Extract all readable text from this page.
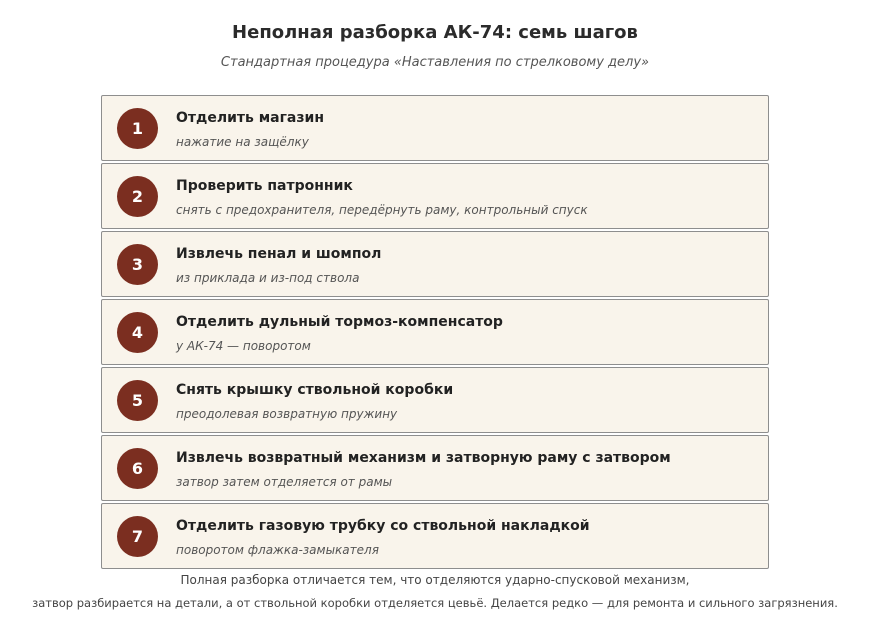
Неполная разборка АК-74: семь шагов
Стандартная процедура «Наставления по стрелковому делу»
1
Отделить магазин
нажатие на защёлку
2
Проверить патронник
снять с предохранителя, передёрнуть раму, контрольный спуск
3
Извлечь пенал и шомпол
из приклада и из-под ствола
4
Отделить дульный тормоз-компенсатор
у АК-74 — поворотом
5
Снять крышку ствольной коробки
преодолевая возвратную пружину
6
Извлечь возвратный механизм и затворную раму с затвором
затвор затем отделяется от рамы
7
Отделить газовую трубку со ствольной накладкой
поворотом флажка-замыкателя
Полная разборка отличается тем, что отделяются ударно-спусковой механизм,
затвор разбирается на детали, а от ствольной коробки отделяется цевьё. Делается редко — для ремонта и сильного загрязнения.
